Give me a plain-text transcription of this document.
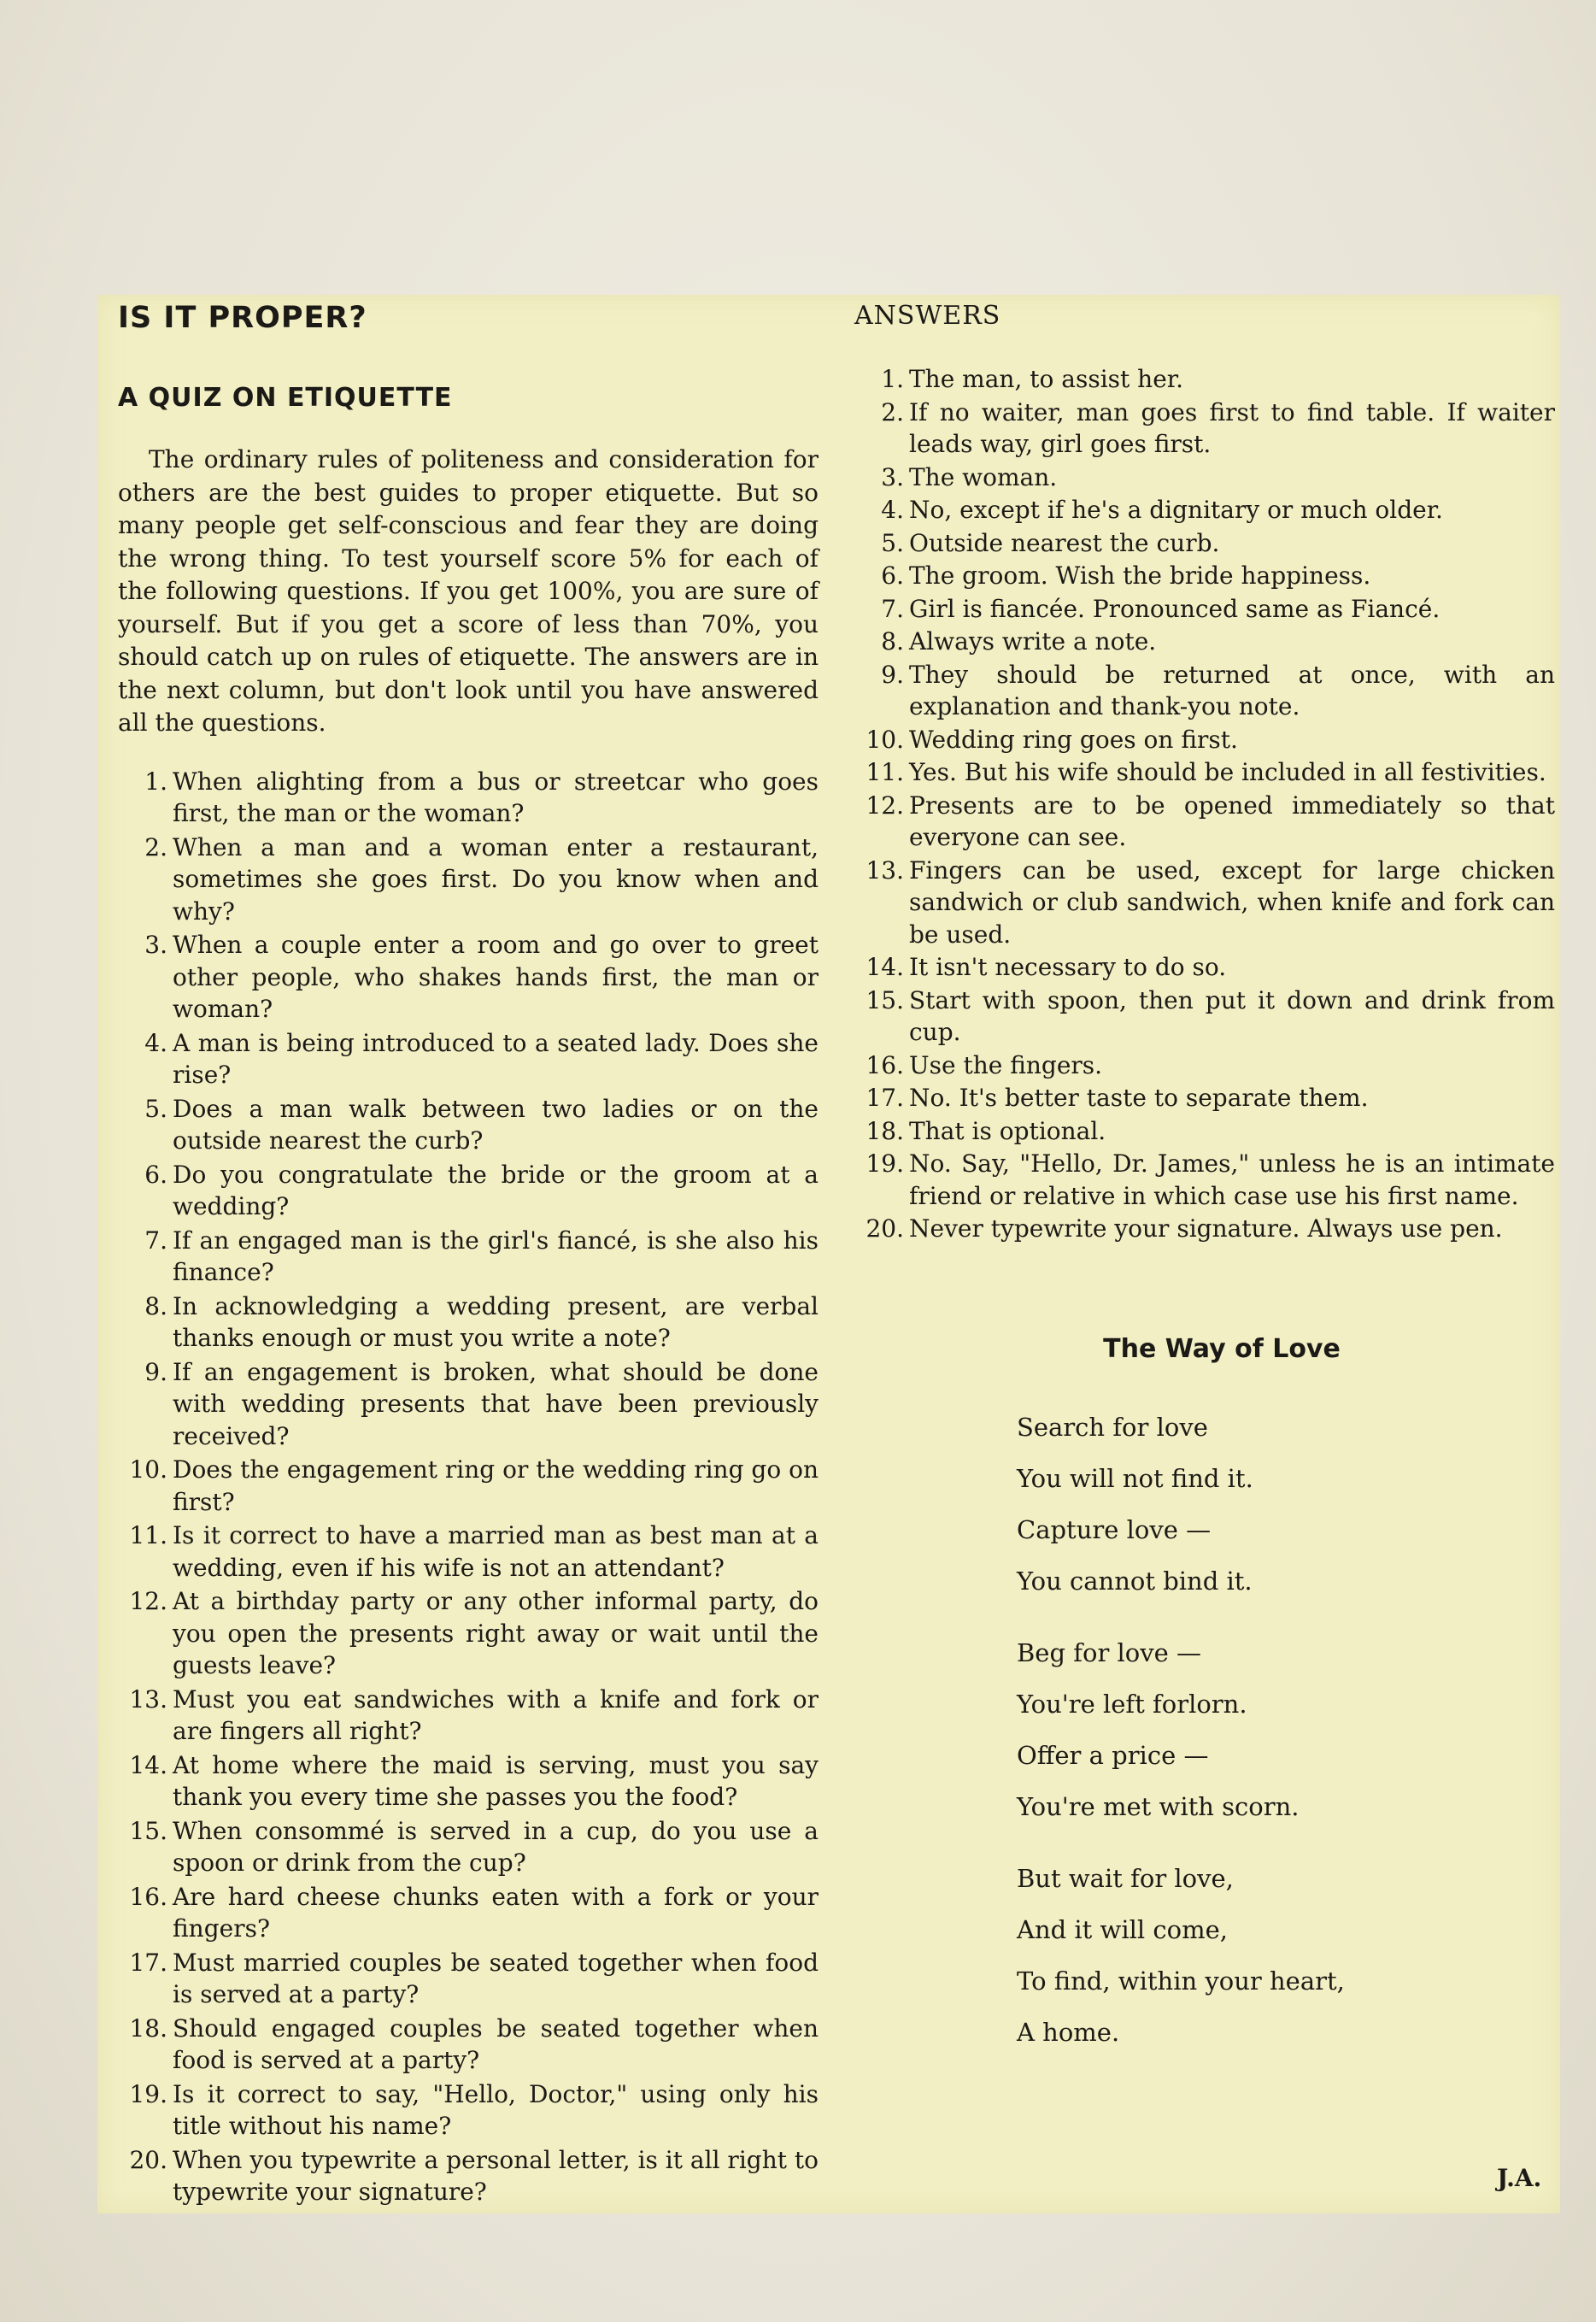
IS IT PROPER?
A QUIZ ON ETIQUETTE

The ordinary rules of politeness and consideration for others are the best guides to proper etiquette. But so many people get self-conscious and fear they are doing the wrong thing. To test yourself score 5% for each of the following questions. If you get 100%, you are sure of yourself. But if you get a score of less than 70%, you should catch up on rules of etiquette. The answers are in the next column, but don't look until you have answered all the questions.

1. When alighting from a bus or streetcar who goes first, the man or the woman?
2. When a man and a woman enter a restaurant, sometimes she goes first. Do you know when and why?
3. When a couple enter a room and go over to greet other people, who shakes hands first, the man or woman?
4. A man is being introduced to a seated lady. Does she rise?
5. Does a man walk between two ladies or on the outside nearest the curb?
6. Do you congratulate the bride or the groom at a wedding?
7. If an engaged man is the girl's fiancé, is she also his finance?
8. In acknowledging a wedding present, are verbal thanks enough or must you write a note?
9. If an engagement is broken, what should be done with wedding presents that have been previously received?
10. Does the engagement ring or the wedding ring go on first?
11. Is it correct to have a married man as best man at a wedding, even if his wife is not an attendant?
12. At a birthday party or any other informal party, do you open the presents right away or wait until the guests leave?
13. Must you eat sandwiches with a knife and fork or are fingers all right?
14. At home where the maid is serving, must you say thank you every time she passes you the food?
15. When consommé is served in a cup, do you use a spoon or drink from the cup?
16. Are hard cheese chunks eaten with a fork or your fingers?
17. Must married couples be seated together when food is served at a party?
18. Should engaged couples be seated together when food is served at a party?
19. Is it correct to say, "Hello, Doctor," using only his title without his name?
20. When you typewrite a personal letter, is it all right to typewrite your signature?
ANSWERS
1. The man, to assist her.
2. If no waiter, man goes first to find table. If waiter leads way, girl goes first.
3. The woman.
4. No, except if he's a dignitary or much older.
5. Outside nearest the curb.
6. The groom. Wish the bride happiness.
7. Girl is fiancée. Pronounced same as Fiancé.
8. Always write a note.
9. They should be returned at once, with an explanation and thank-you note.
10. Wedding ring goes on first.
11. Yes. But his wife should be included in all festivities.
12. Presents are to be opened immediately so that everyone can see.
13. Fingers can be used, except for large chicken sandwich or club sandwich, when knife and fork can be used.
14. It isn't necessary to do so.
15. Start with spoon, then put it down and drink from cup.
16. Use the fingers.
17. No. It's better taste to separate them.
18. That is optional.
19. No. Say, "Hello, Dr. James," unless he is an intimate friend or relative in which case use his first name.
20. Never typewrite your signature. Always use pen.
The Way of Love
Search for love
You will not find it.
Capture love —
You cannot bind it.
Beg for love —
You're left forlorn.
Offer a price —
You're met with scorn.
But wait for love,
And it will come,
To find, within your heart,
A home.
J.A.
